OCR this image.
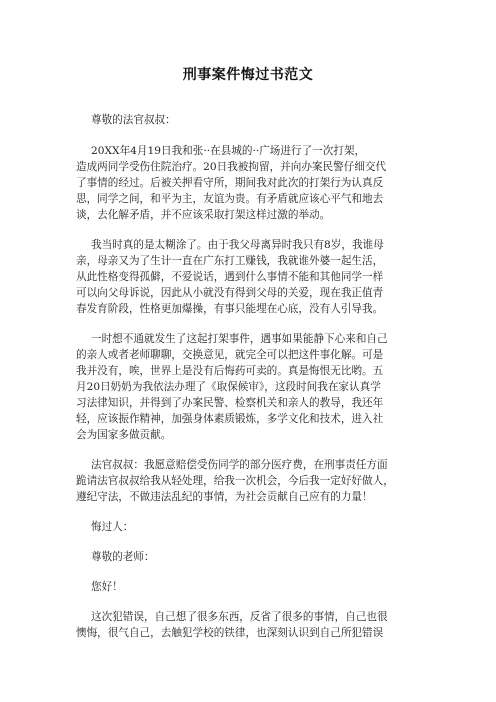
刑事案件悔过书范文
尊敬的法官叔叔：
20XX年4月19日我和张··在县城的··广场进行了一次打架，
造成两同学受伤住院治疗。20日我被拘留，并向办案民警仔细交代
了事情的经过。后被关押看守所，期间我对此次的打架行为认真反
思，同学之间，和平为主，友谊为贵。有矛盾就应该心平气和地去
谈，去化解矛盾，并不应该采取打架这样过激的举动。
我当时真的是太糊涂了。由于我父母离异时我只有8岁，我谁母
亲，母亲又为了生计一直在广东打工赚钱，我就谁外婆一起生活，
从此性格变得孤僻，不爱说话，遇到什么事情不能和其他同学一样
可以向父母诉说，因此从小就没有得到父母的关爱，现在我正值青
春发育阶段，性格更加爆操，有事只能埋在心底，没有人引导我。
一时想不通就发生了这起打架事件，遇事如果能静下心来和自己
的亲人或者老师聊聊，交换意见，就完全可以把这件事化解。可是
我并没有，唉，世界上是没有后悔药可卖的。真是悔恨无比哟。五
月20日奶奶为我依法办理了《取保候审》，这段时间我在家认真学
习法律知识，并得到了办案民警、检察机关和亲人的教导，我还年
轻，应该振作精神，加强身体素质锻炼，多学文化和技术，进入社
会为国家多做贡献。
法官叔叔：我愿意赔偿受伤同学的部分医疗费，在刑事责任方面
跪请法官叔叔给我从轻处理，给我一次机会，今后我一定好好做人，
遵纪守法，不做违法乱纪的事情，为社会贡献自己应有的力量！
悔过人：
尊敬的老师：
您好！
这次犯错误，自己想了很多东西，反省了很多的事情，自己也很
懊悔，很气自己，去触犯学校的铁律，也深刻认识到自己所犯错误
